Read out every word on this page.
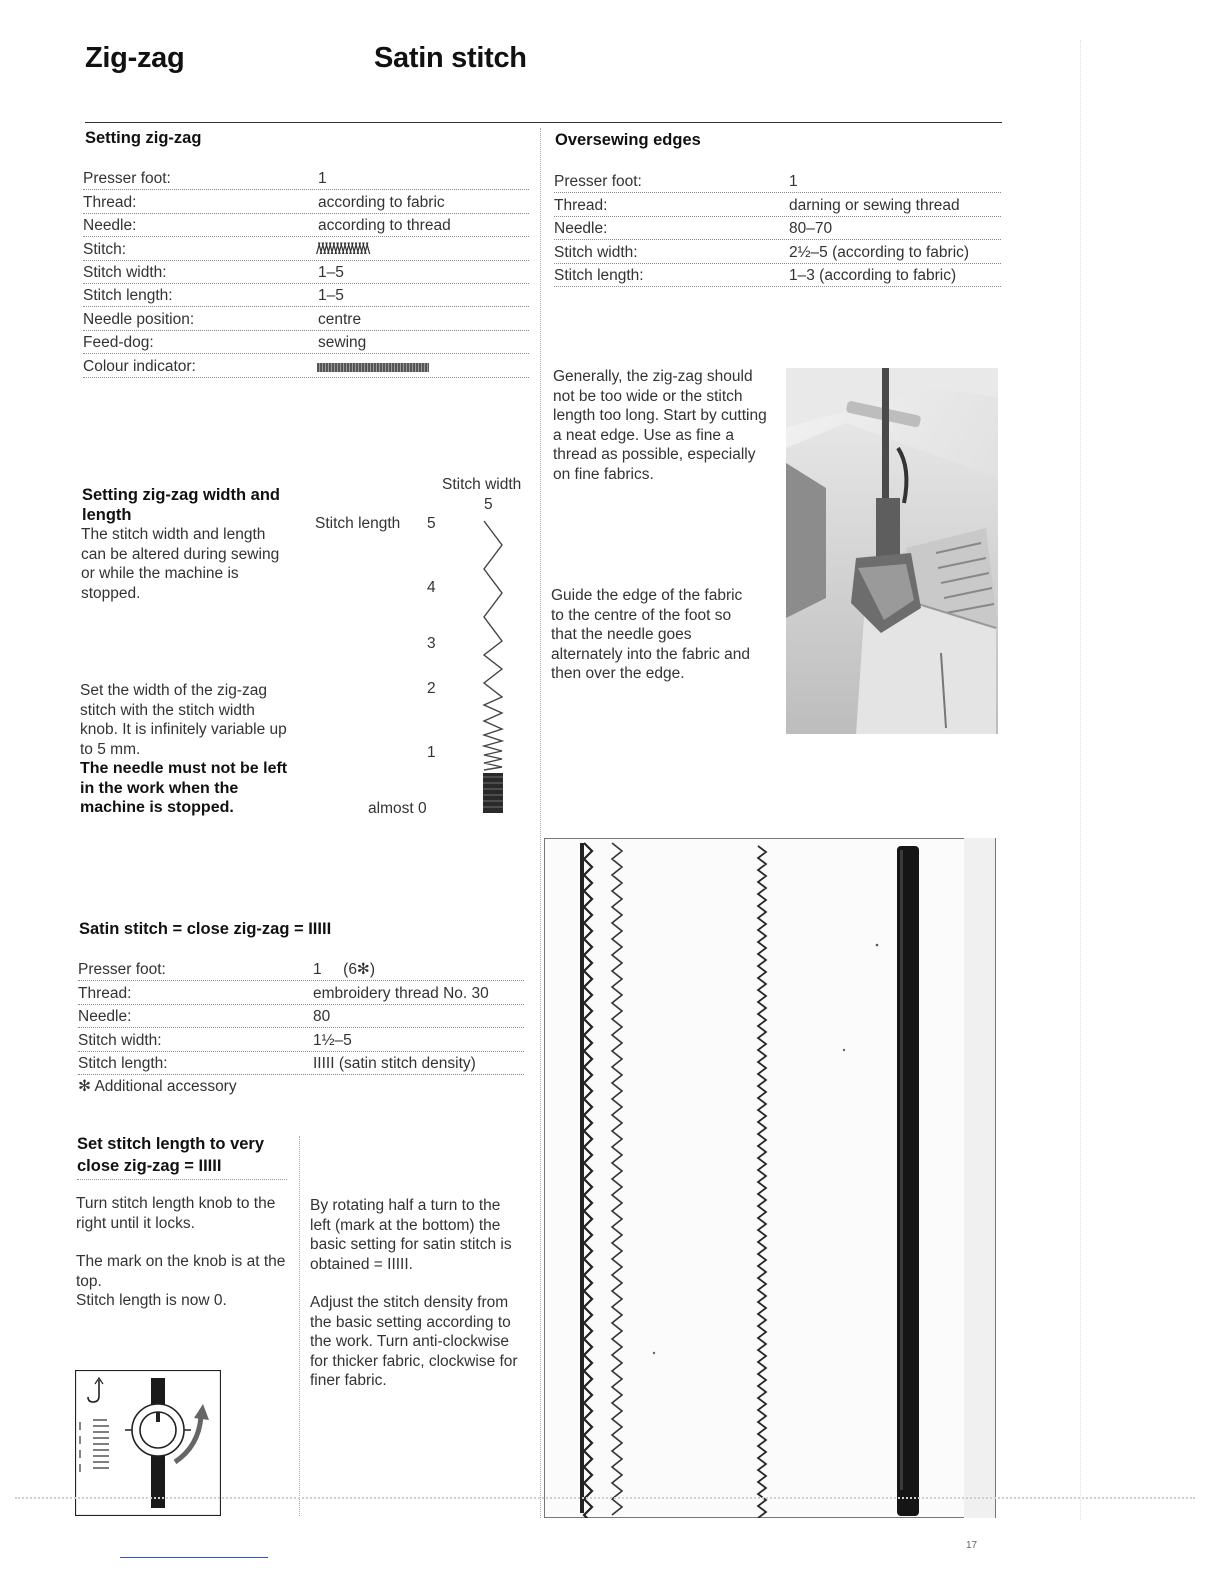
Zig-zag	Satin stitch
Setting zig-zag
Presser foot:	1
Thread:	according to fabric
Needle:	according to thread
Stitch:	/\/\/\/\/\/\/\/\/\/\/\/\/\/\
Stitch width:	1–5
Stitch length:	1–5
Needle position:	centre
Feed-dog:	sewing
Colour indicator:
Oversewing edges
Presser foot:	1
Thread:	darning or sewing thread
Needle:	80–70
Stitch width:	2½–5 (according to fabric)
Stitch length:	1–3 (according to fabric)
Generally, the zig-zag should not be too wide or the stitch length too long. Start by cutting a neat edge. Use as fine a thread as possible, especially on fine fabrics.
Guide the edge of the fabric to the centre of the foot so that the needle goes alternately into the fabric and then over the edge.
Setting zig-zag width and length
The stitch width and length can be altered during sewing or while the machine is stopped.
Set the width of the zig-zag stitch with the stitch width knob. It is infinitely variable up to 5 mm.
The needle must not be left in the work when the machine is stopped.
Stitch width
5
Stitch length 5
4
3
2
1
almost 0
Satin stitch = close zig-zag = IIIII
Presser foot:	1     (6✻)
Thread:	embroidery thread No. 30
Needle:	80
Stitch width:	1½–5
Stitch length:	IIIII (satin stitch density)
✻ Additional accessory
Set stitch length to very
close zig-zag = IIIII
Turn stitch length knob to the right until it locks.
The mark on the knob is at the top.
Stitch length is now 0.
By rotating half a turn to the left (mark at the bottom) the basic setting for satin stitch is obtained = IIIII.
Adjust the stitch density from the basic setting according to the work. Turn anti-clockwise for thicker fabric, clockwise for finer fabric.
17
